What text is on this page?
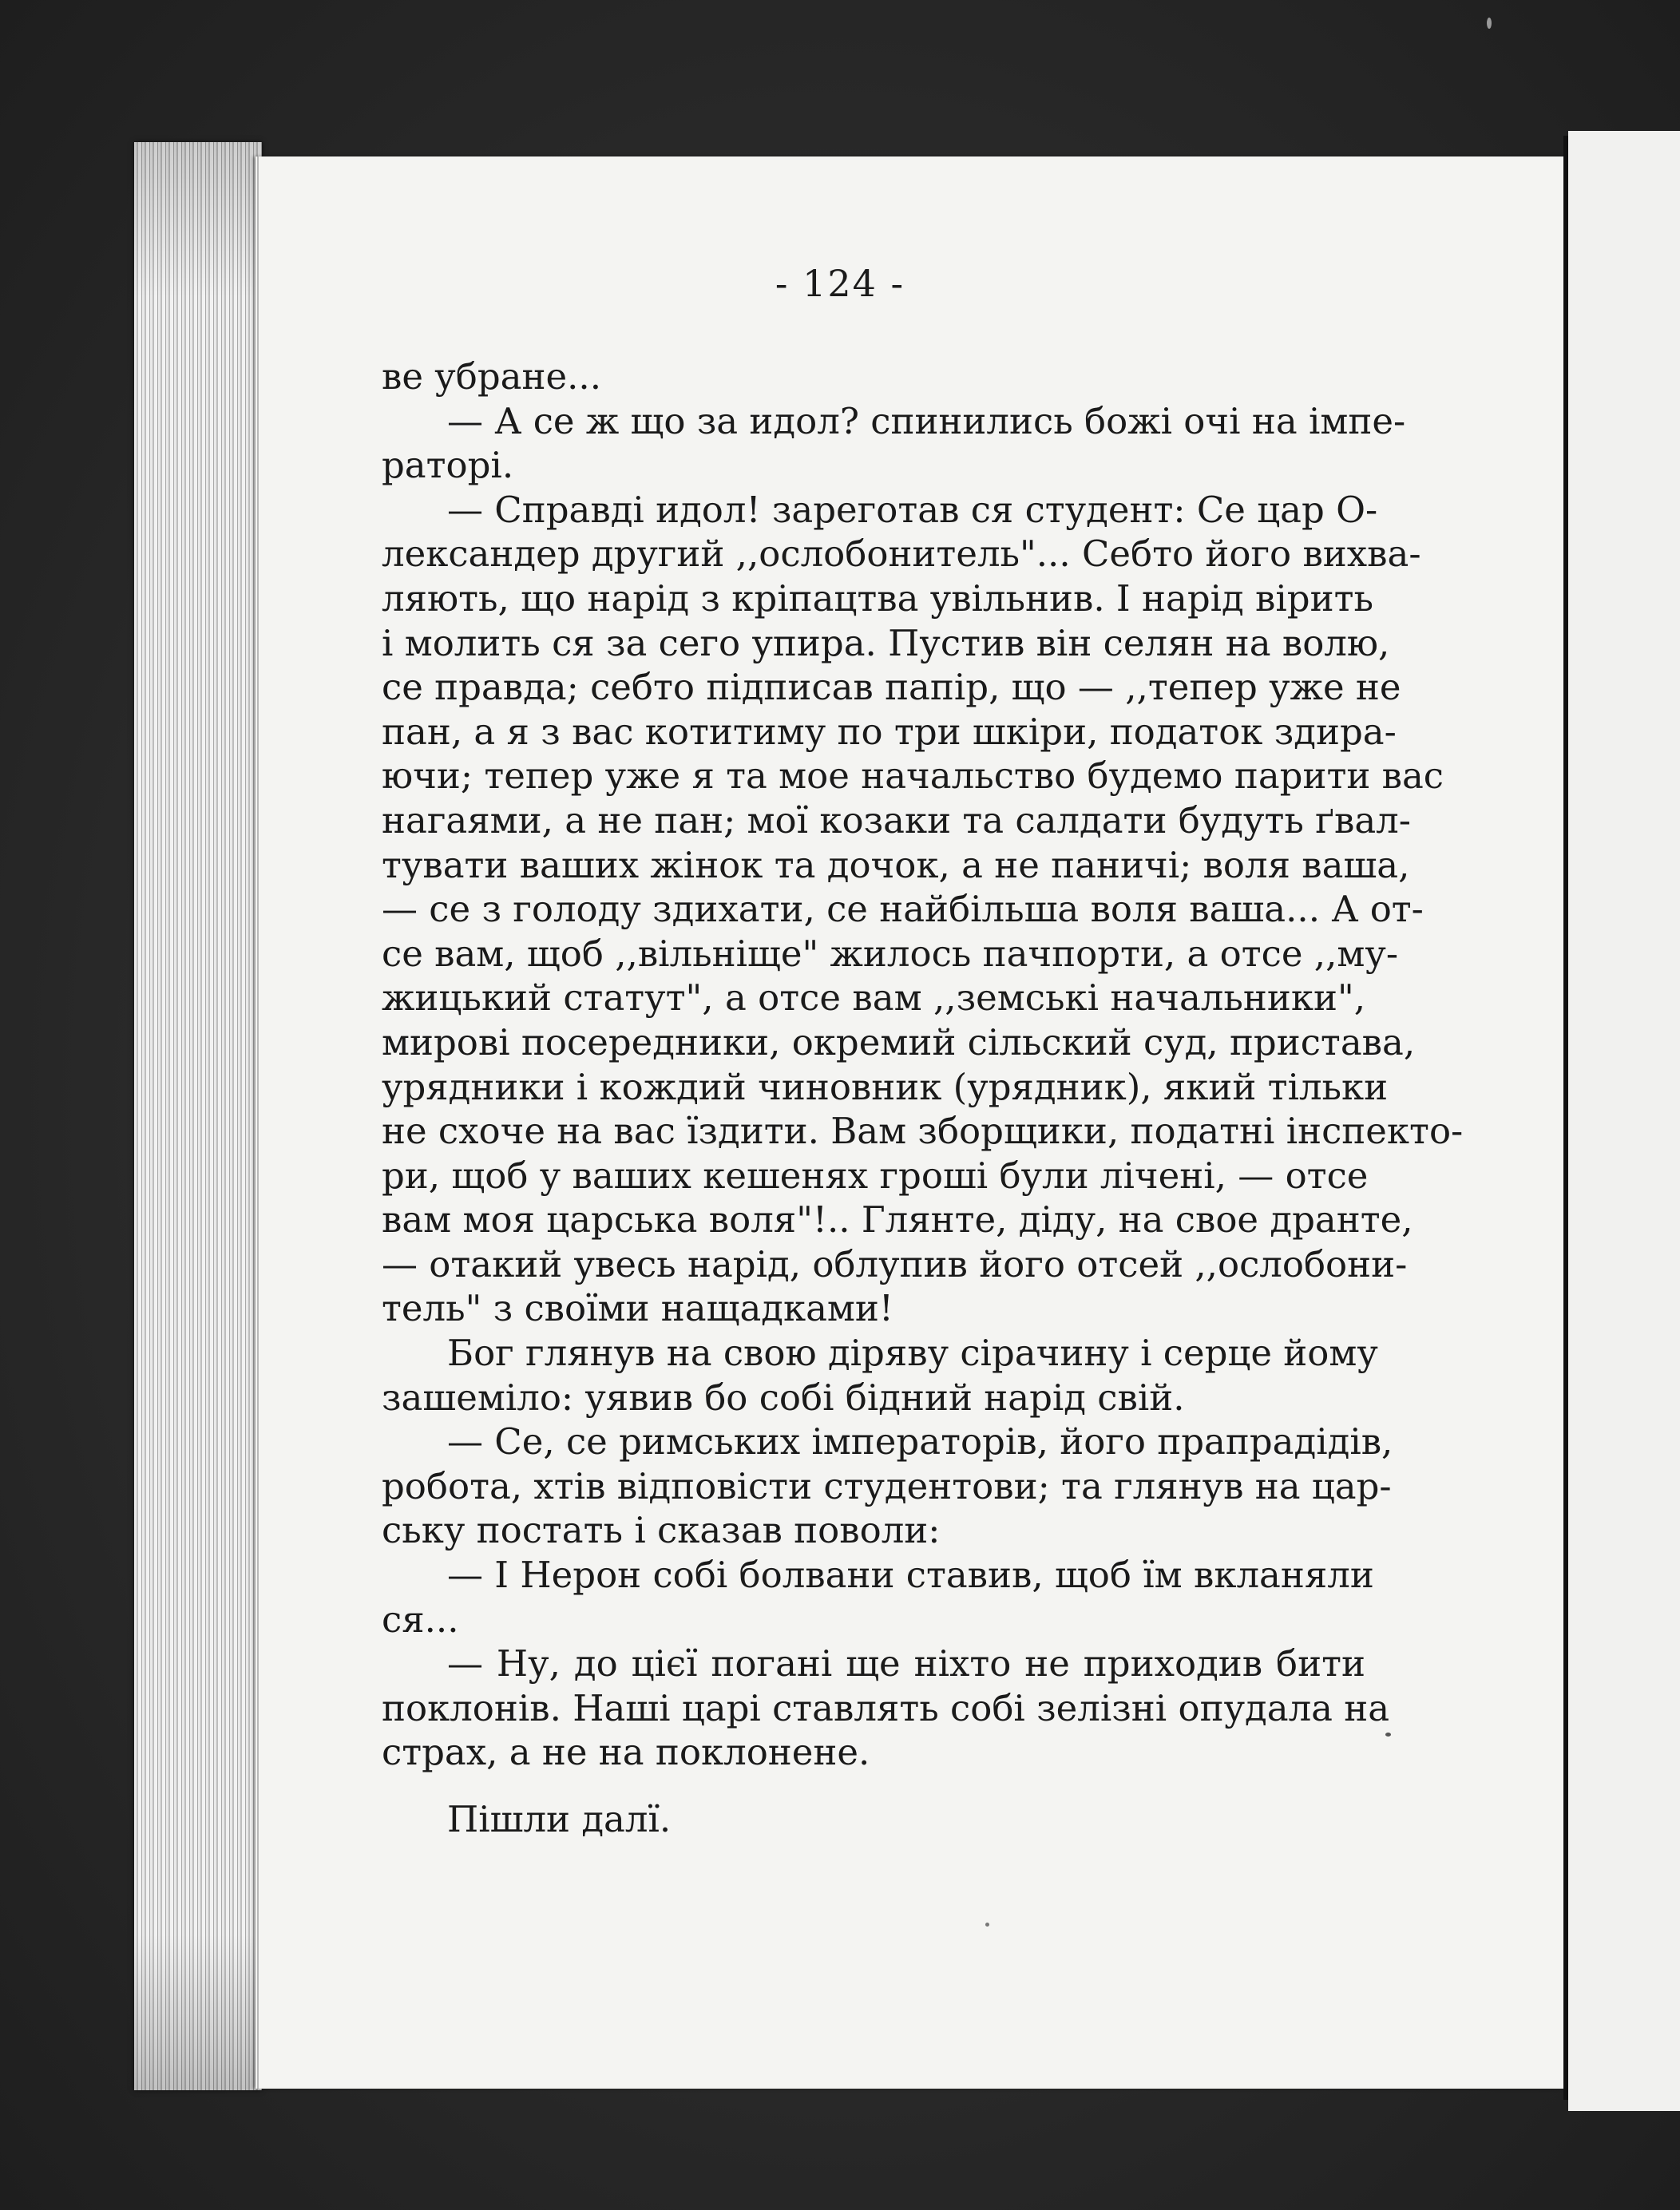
- 124 -
ве убране...
— А се ж що за идол? спинились божі очі на імпе-
раторі.
— Справді идол! зареготав ся студент: Се цар О-
лександер другий ,,ослобонитель"... Себто його вихва-
ляють, що нарід з кріпацтва увільнив. І нарід вірить
і молить ся за сего упира. Пустив він селян на волю,
се правда; себто підписав папір, що — ,,тепер уже не
пан, а я з вас котитиму по три шкіри, податок здира-
ючи; тепер уже я та мое начальство будемо парити вас
нагаями, а не пан; мої козаки та салдати будуть ґвал-
тувати ваших жінок та дочок, а не паничі; воля ваша,
— се з голоду здихати, се найбільша воля ваша... А от-
се вам, щоб ,,вільніще" жилось пачпорти, а отсе ,,му-
жицький статут", а отсе вам ,,земські начальники",
мирові посередники, окремий сільский суд, пристава,
урядники і кождий чиновник (урядник), який тільки
не схоче на вас їздити. Вам зборщики, податні інспекто-
ри, щоб у ваших кешенях гроші були лічені, — отсе
вам моя царська воля"!.. Глянте, діду, на свое дранте,
— отакий увесь нарід, облупив його отсей ,,ослобони-
тель" з своїми нащадками!
Бог глянув на свою діряву сірачину і серце йому
зашеміло: уявив бо собі бідний нарід свій.
— Се, се римських імператорів, його прапрадідів,
робота, хтів відповісти студентови; та глянув на цар-
ську постать і сказав поволи:
— І Нерон собі болвани ставив, щоб їм вкланяли
ся...
— Ну, до цієї погані ще ніхто не приходив бити
поклонів. Наші царі ставлять собі зелізні опудала на
страх, а не на поклонене.
Пішли далї.
